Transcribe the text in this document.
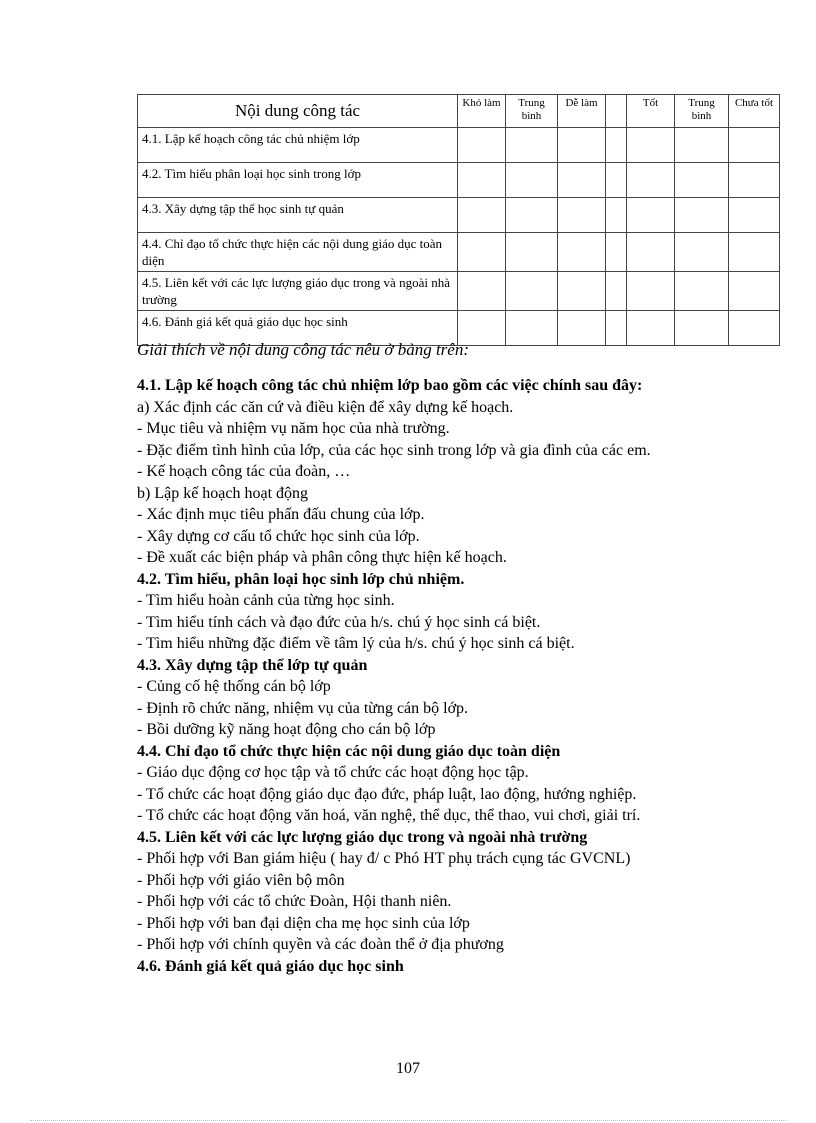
Nội dung công tác	Khó làm	Trung bình	Dễ làm		Tốt	Trung bình	Chưa tốt
4.1. Lập kế hoạch công tác chủ nhiệm lớp							
4.2. Tìm hiểu phân loại học sinh trong lớp							
4.3. Xây dựng tập thể học sinh tự quản							
4.4. Chỉ đạo tổ chức thực hiện các nội dung giáo dục toàn diện							
4.5. Liên kết với các lực lượng giáo dục trong và ngoài nhà trường							
4.6. Đánh giá kết quả giáo dục học sinh							
Giải thích về nội dung công tác nêu ở bảng trên:

4.1. Lập kế hoạch công tác chủ nhiệm lớp bao gồm các việc chính sau đây:

a) Xác định các căn cứ và điều kiện để xây dựng kế hoạch.

- Mục tiêu và nhiệm vụ năm học của nhà trường.

- Đặc điểm tình hình của lớp, của các học sinh trong lớp và gia đình của các em.

- Kế hoạch công tác của đoàn, …

b) Lập kế hoạch hoạt động

- Xác định mục tiêu phấn đấu chung của lớp.

- Xây dựng cơ cấu tổ chức học sinh của lớp.

- Đề xuất các biện pháp và phân công thực hiện kế hoạch.

4.2. Tìm hiểu, phân loại học sinh lớp chủ nhiệm.

- Tìm hiểu hoàn cảnh của từng học sinh.

- Tìm hiểu tính cách và đạo đức của h/s. chú ý học sinh cá biệt.

- Tìm hiểu những đặc điểm về tâm lý của h/s. chú ý học sinh cá biệt.

4.3. Xây dựng tập thể lớp tự quản

- Củng cố hệ thống cán bộ lớp

- Định rõ chức năng, nhiệm vụ của từng cán bộ lớp.

- Bồi dưỡng kỹ năng hoạt động cho cán bộ lớp

4.4. Chỉ đạo tổ chức thực hiện các nội dung giáo dục toàn diện

- Giáo dục động cơ học tập và tổ chức các hoạt động học tập.

- Tổ chức các hoạt động giáo dục đạo đức, pháp luật, lao động, hướng nghiệp.

- Tổ chức các hoạt động văn hoá, văn nghệ, thể dục, thể thao, vui chơi, giải trí.

4.5. Liên kết với các lực lượng giáo dục trong và ngoài nhà trường

- Phối hợp với Ban giám hiệu ( hay đ/ c Phó HT phụ trách cụng tác GVCNL)

- Phối hợp với giáo viên bộ môn

- Phối hợp với các tổ chức Đoàn, Hội thanh niên.

- Phối hợp với ban đại diện cha mẹ học sinh của lớp

- Phối hợp với chính quyền và các đoàn thể ở địa phương

4.6. Đánh giá kết quả giáo dục học sinh

107
